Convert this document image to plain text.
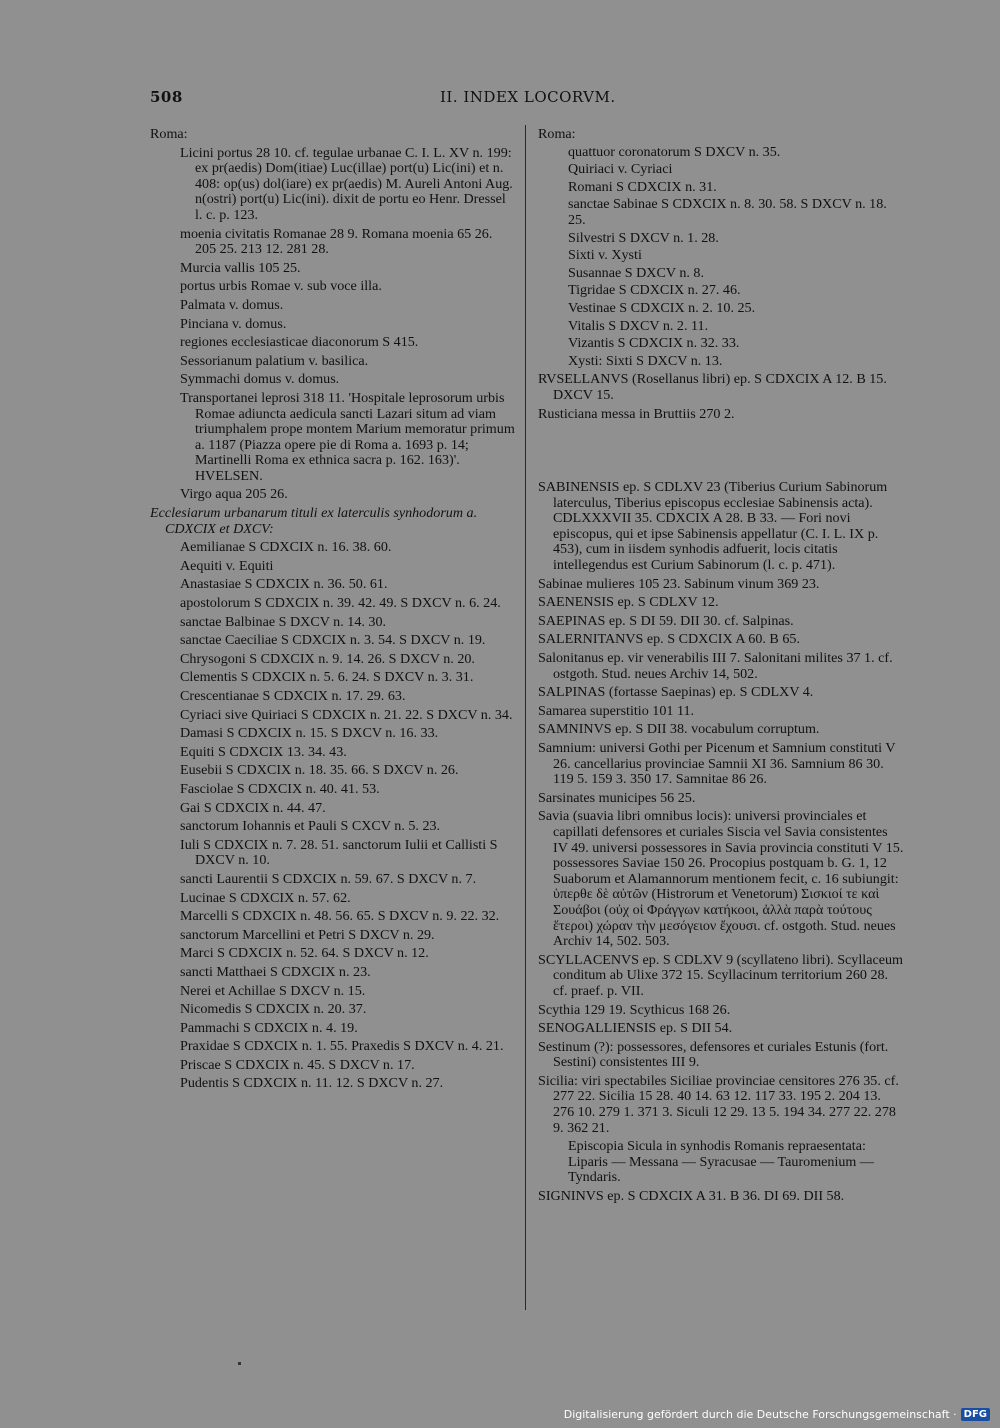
508	II. INDEX LOCORVM.
Roma:
Licini portus 28 10. cf. tegulae urbanae C. I. L. XV n. 199: ex pr(aedis) Dom(itiae) Luc(illae) port(u) Lic(ini) et n. 408: op(us) dol(iare) ex pr(aedis) M. Aureli Antoni Aug. n(ostri) port(u) Lic(ini). dixit de portu eo Henr. Dressel l. c. p. 123.
moenia civitatis Romanae 28 9. Romana moenia 65 26. 205 25. 213 12. 281 28.
Murcia vallis 105 25.
portus urbis Romae v. sub voce illa.
Palmata v. domus.
Pinciana v. domus.
regiones ecclesiasticae diaconorum S 415.
Sessorianum palatium v. basilica.
Symmachi domus v. domus.
Transportanei leprosi 318 11. 'Hospitale leprosorum urbis Romae adiuncta aedicula sancti Lazari situm ad viam triumphalem prope montem Marium memoratur primum a. 1187 (Piazza opere pie di Roma a. 1693 p. 14; Martinelli Roma ex ethnica sacra p. 162. 163)'. HVELSEN.
Virgo aqua 205 26.
Ecclesiarum urbanarum tituli ex laterculis synhodorum a. CDXCIX et DXCV:
Aemilianae S CDXCIX n. 16. 38. 60.
Aequiti v. Equiti
Anastasiae S CDXCIX n. 36. 50. 61.
apostolorum S CDXCIX n. 39. 42. 49. S DXCV n. 6. 24.
sanctae Balbinae S DXCV n. 14. 30.
sanctae Caeciliae S CDXCIX n. 3. 54. S DXCV n. 19.
Chrysogoni S CDXCIX n. 9. 14. 26. S DXCV n. 20.
Clementis S CDXCIX n. 5. 6. 24. S DXCV n. 3. 31.
Crescentianae S CDXCIX n. 17. 29. 63.
Cyriaci sive Quiriaci S CDXCIX n. 21. 22. S DXCV n. 34.
Damasi S CDXCIX n. 15. S DXCV n. 16. 33.
Equiti S CDXCIX 13. 34. 43.
Eusebii S CDXCIX n. 18. 35. 66. S DXCV n. 26.
Fasciolae S CDXCIX n. 40. 41. 53.
Gai S CDXCIX n. 44. 47.
sanctorum Iohannis et Pauli S CXCV n. 5. 23.
Iuli S CDXCIX n. 7. 28. 51. sanctorum Iulii et Callisti S DXCV n. 10.
sancti Laurentii S CDXCIX n. 59. 67. S DXCV n. 7.
Lucinae S CDXCIX n. 57. 62.
Marcelli S CDXCIX n. 48. 56. 65. S DXCV n. 9. 22. 32.
sanctorum Marcellini et Petri S DXCV n. 29.
Marci S CDXCIX n. 52. 64. S DXCV n. 12.
sancti Matthaei S CDXCIX n. 23.
Nerei et Achillae S DXCV n. 15.
Nicomedis S CDXCIX n. 20. 37.
Pammachi S CDXCIX n. 4. 19.
Praxidae S CDXCIX n. 1. 55. Praxedis S DXCV n. 4. 21.
Priscae S CDXCIX n. 45. S DXCV n. 17.
Pudentis S CDXCIX n. 11. 12. S DXCV n. 27.
Roma:
quattuor coronatorum S DXCV n. 35.
Quiriaci v. Cyriaci
Romani S CDXCIX n. 31.
sanctae Sabinae S CDXCIX n. 8. 30. 58. S DXCV n. 18. 25.
Silvestri S DXCV n. 1. 28.
Sixti v. Xysti
Susannae S DXCV n. 8.
Tigridae S CDXCIX n. 27. 46.
Vestinae S CDXCIX n. 2. 10. 25.
Vitalis S DXCV n. 2. 11.
Vizantis S CDXCIX n. 32. 33.
Xysti: Sixti S DXCV n. 13.
RVSELLANVS (Rosellanus libri) ep. S CDXCIX A 12. B 15. DXCV 15.
Rusticiana messa in Bruttiis 270 2.
SABINENSIS ep. S CDLXV 23 (Tiberius Curium Sabinorum laterculus, Tiberius episcopus ecclesiae Sabinensis acta). CDLXXXVII 35. CDXCIX A 28. B 33. — Fori novi episcopus, qui et ipse Sabinensis appellatur (C. I. L. IX p. 453), cum in iisdem synhodis adfuerit, locis citatis intellegendus est Curium Sabinorum (l. c. p. 471).
Sabinae mulieres 105 23. Sabinum vinum 369 23.
SAENENSIS ep. S CDLXV 12.
SAEPINAS ep. S DI 59. DII 30. cf. Salpinas.
SALERNITANVS ep. S CDXCIX A 60. B 65.
Salonitanus ep. vir venerabilis III 7. Salonitani milites 37 1. cf. ostgoth. Stud. neues Archiv 14, 502.
SALPINAS (fortasse Saepinas) ep. S CDLXV 4.
Samarea superstitio 101 11.
SAMNINVS ep. S DII 38. vocabulum corruptum.
Samnium: universi Gothi per Picenum et Samnium constituti V 26. cancellarius provinciae Samnii XI 36. Samnium 86 30. 119 5. 159 3. 350 17. Samnitae 86 26.
Sarsinates municipes 56 25.
Savia (suavia libri omnibus locis): universi provinciales et capillati defensores et curiales Siscia vel Savia consistentes IV 49. universi possessores in Savia provincia constituti V 15. possessores Saviae 150 26. Procopius postquam b. G. 1, 12 Suaborum et Alamannorum mentionem fecit, c. 16 subiungit: ὑπερθε δὲ αὐτῶν (Histrorum et Venetorum) Σισκιοί τε καὶ Σουάβοι (οὐχ οἱ Φράγγων κατήκοοι, ἀλλὰ παρὰ τούτους ἕτεροι) χώραν τὴν μεσόγειον ἔχουσι. cf. ostgoth. Stud. neues Archiv 14, 502. 503.
SCYLLACENVS ep. S CDLXV 9 (scyllateno libri). Scyllaceum conditum ab Ulixe 372 15. Scyllacinum territorium 260 28. cf. praef. p. VII.
Scythia 129 19. Scythicus 168 26.
SENOGALLIENSIS ep. S DII 54.
Sestinum (?): possessores, defensores et curiales Estunis (fort. Sestini) consistentes III 9.
Sicilia: viri spectabiles Siciliae provinciae censitores 276 35. cf. 277 22. Sicilia 15 28. 40 14. 63 12. 117 33. 195 2. 204 13. 276 10. 279 1. 371 3. Siculi 12 29. 13 5. 194 34. 277 22. 278 9. 362 21.
Episcopia Sicula in synhodis Romanis repraesentata: Liparis — Messana — Syracusae — Tauromenium — Tyndaris.
SIGNINVS ep. S CDXCIX A 31. B 36. DI 69. DII 58.
Digitalisierung gefördert durch die Deutsche Forschungsgemeinschaft · DFG
